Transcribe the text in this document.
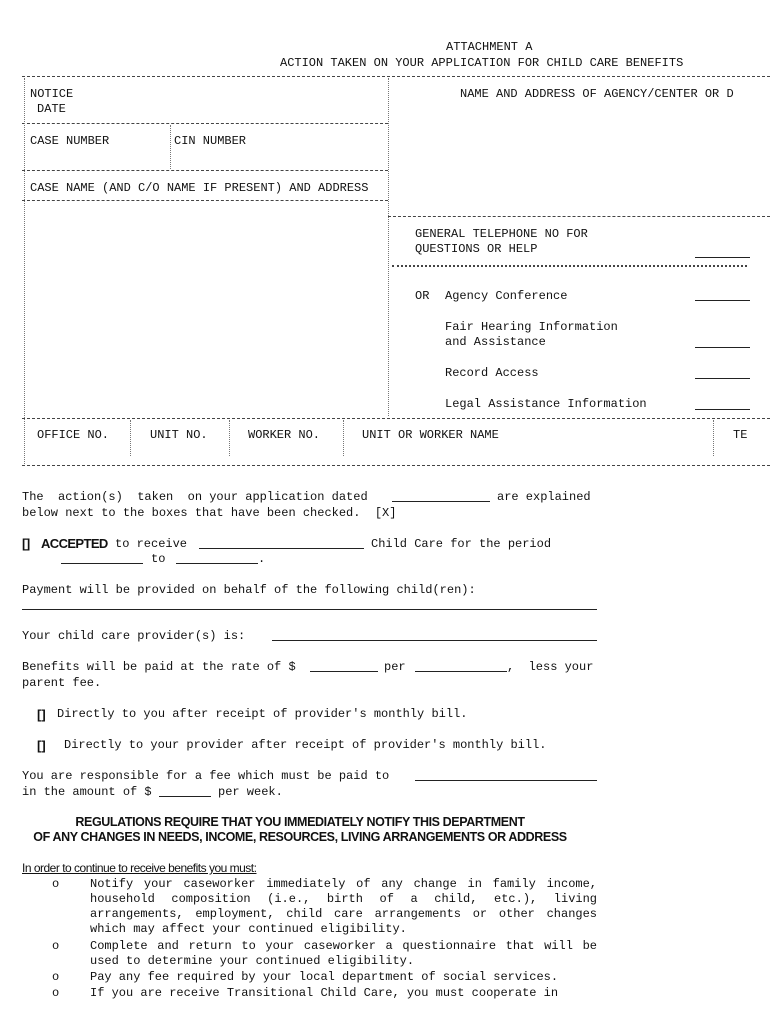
ATTACHMENT A
ACTION TAKEN ON YOUR APPLICATION FOR CHILD CARE BENEFITS
NOTICE
DATE
NAME AND ADDRESS OF AGENCY/CENTER OR D
CASE NUMBER	CIN NUMBER
CASE NAME (AND C/O NAME IF PRESENT) AND ADDRESS
GENERAL TELEPHONE NO FOR
QUESTIONS OR HELP
OR Agency Conference
Fair Hearing Information
and Assistance
Record Access
Legal Assistance Information
OFFICE NO.	UNIT NO.	WORKER NO.	UNIT OR WORKER NAME	TE
The  action(s)  taken  on your application dated	are explained
below next to the boxes that have been checked.  [X]
[] ACCEPTED to receive	Child Care for the period
to	.
Payment will be provided on behalf of the following child(ren):
Your child care provider(s) is:
Benefits will be paid at the rate of $	per	,  less your
parent fee.
[] Directly to you after receipt of provider's monthly bill.
[] Directly to your provider after receipt of provider's monthly bill.
You are responsible for a fee which must be paid to
in the amount of $	per week.
REGULATIONS REQUIRE THAT YOU IMMEDIATELY NOTIFY THIS DEPARTMENT
OF ANY CHANGES IN NEEDS, INCOME, RESOURCES, LIVING ARRANGEMENTS OR ADDRESS
In order to continue to receive benefits you must:
o	Notify your caseworker immediately of any change in family income, household composition (i.e., birth of a child, etc.), living arrangements, employment, child care arrangements or other changes which may affect your continued eligibility.
o	Complete and return to your caseworker a questionnaire that will be used to determine your continued eligibility.
o	Pay any fee required by your local department of social services.
o	If you are receive Transitional Child Care, you must cooperate in
